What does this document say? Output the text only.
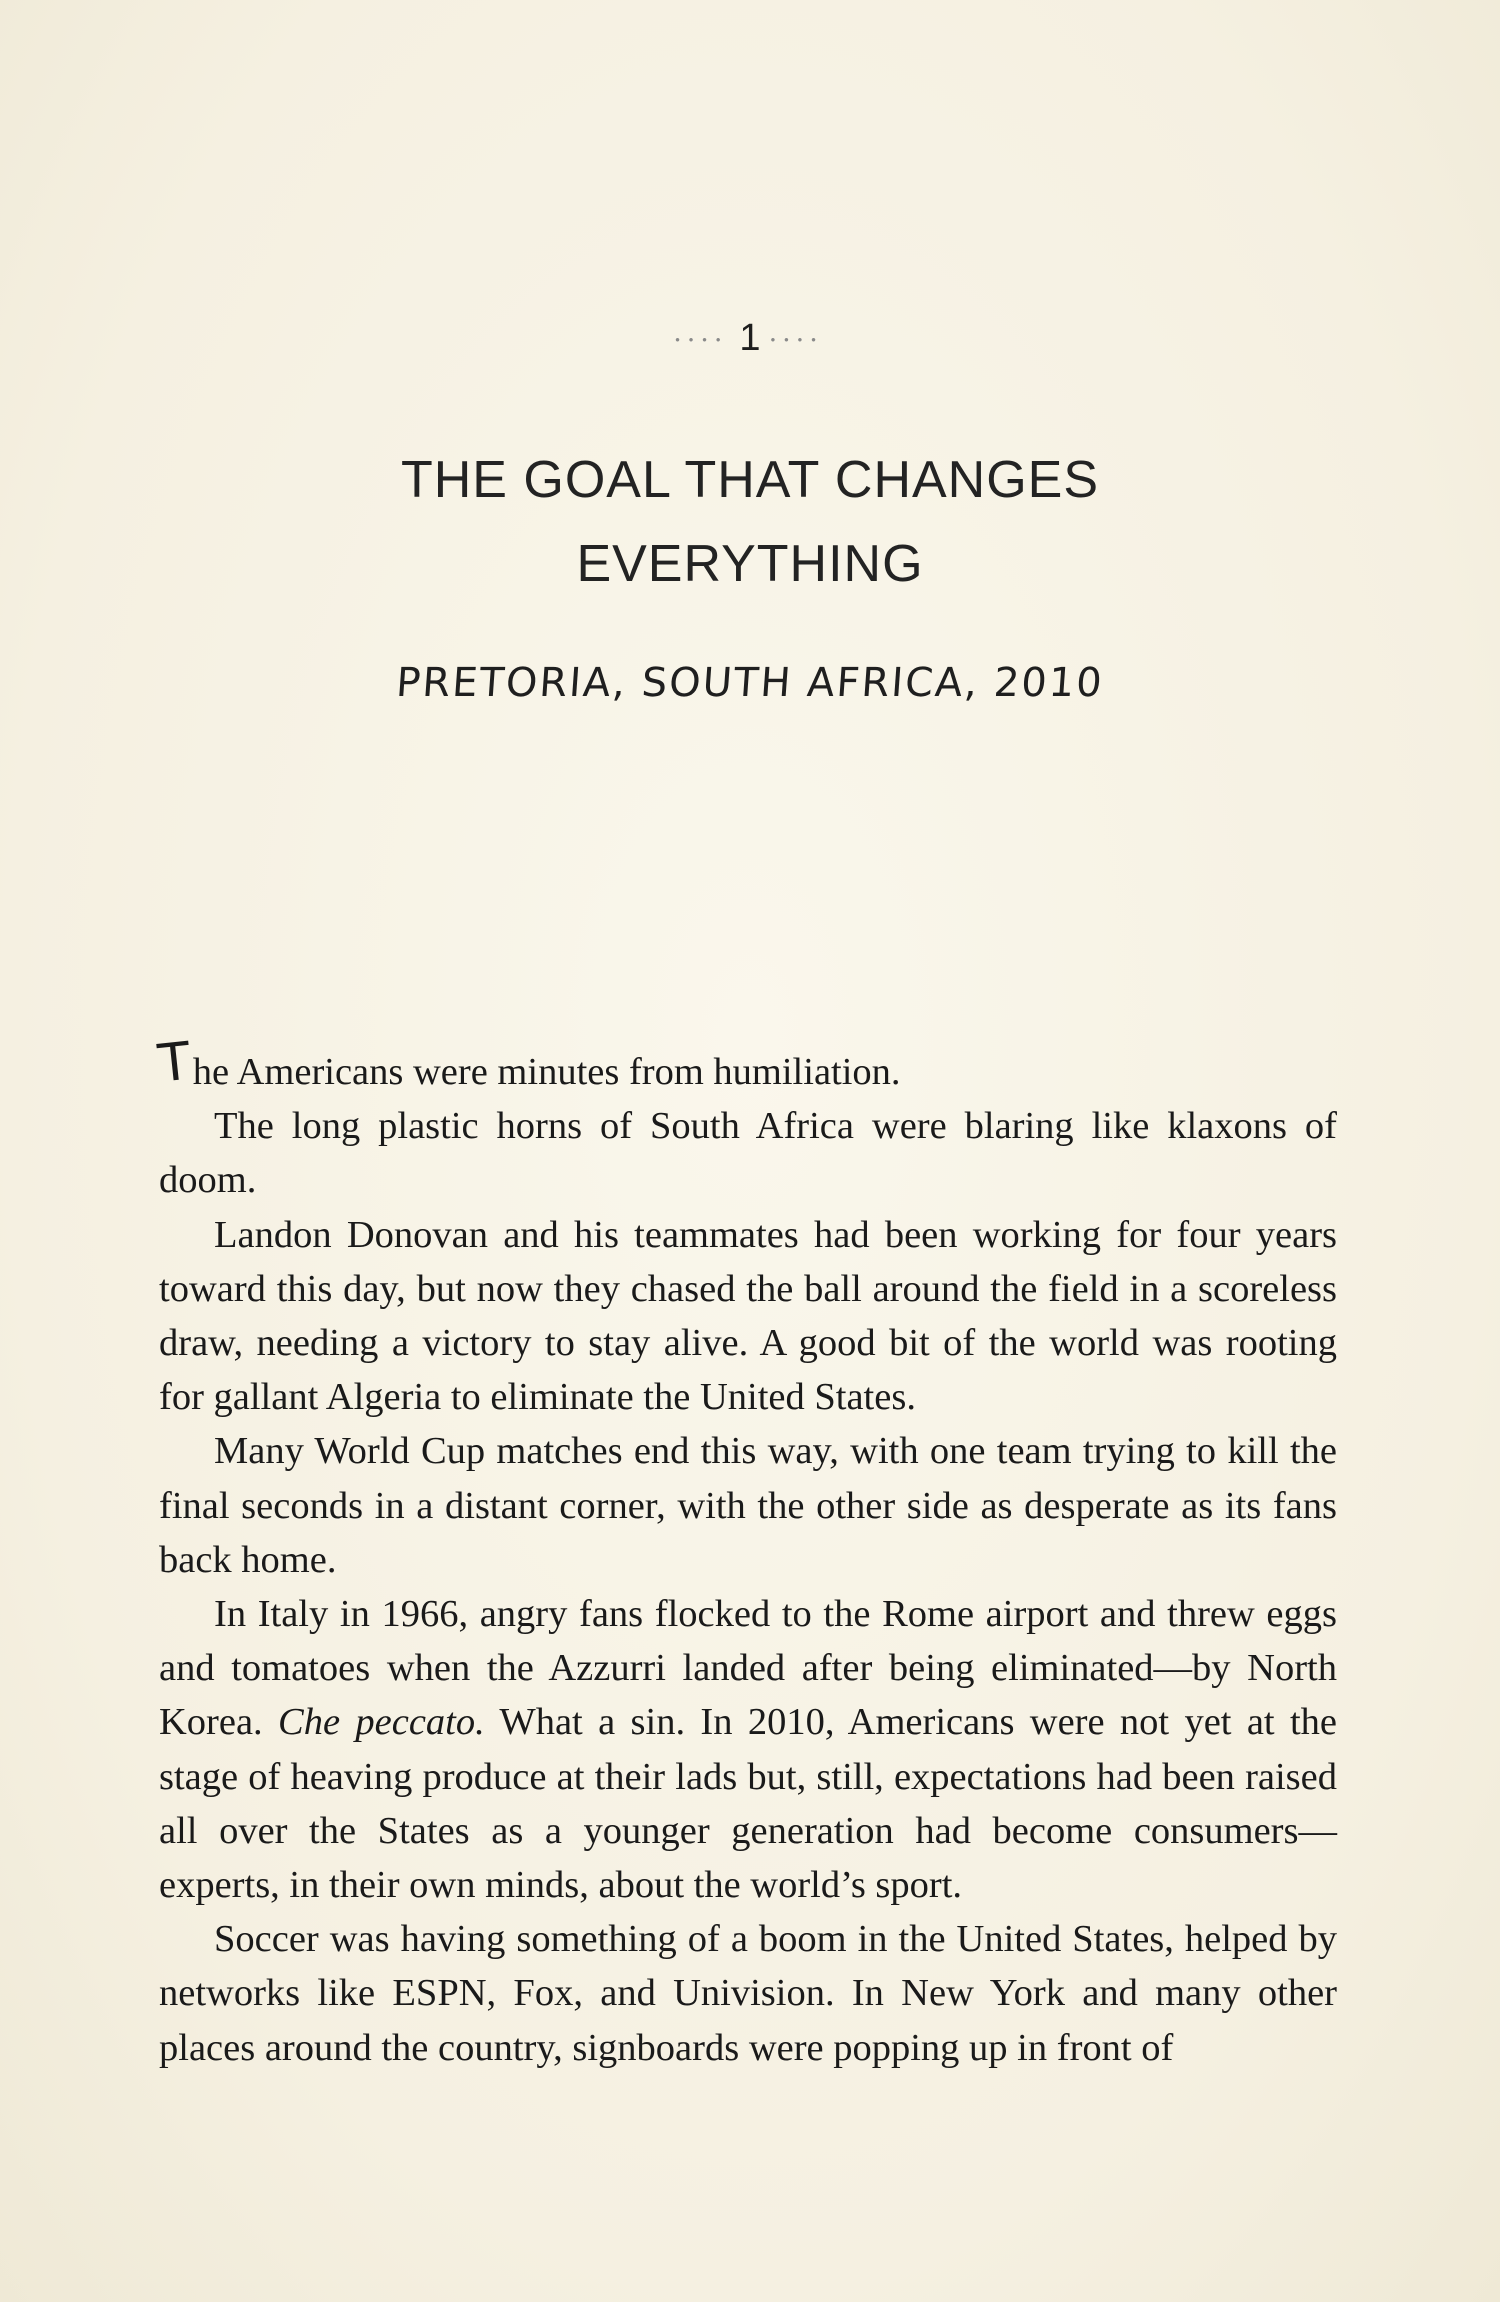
•••• 1 ••••
THE GOAL THAT CHANGES
EVERYTHING
PRETORIA, SOUTH AFRICA, 2010

The Americans were minutes from humiliation.

The long plastic horns of South Africa were blaring like klaxons of doom.

Landon Donovan and his teammates had been working for four years toward this day, but now they chased the ball around the field in a scoreless draw, needing a victory to stay alive. A good bit of the world was rooting for gallant Algeria to eliminate the United States.

Many World Cup matches end this way, with one team trying to kill the final seconds in a distant corner, with the other side as desperate as its fans back home.

In Italy in 1966, angry fans flocked to the Rome airport and threw eggs and tomatoes when the Azzurri landed after being eliminated—by North Korea. Che peccato. What a sin. In 2010, Americans were not yet at the stage of heaving produce at their lads but, still, expectations had been raised all over the States as a younger generation had become consumers—experts, in their own minds, about the world’s sport.

Soccer was having something of a boom in the United States, helped by networks like ESPN, Fox, and Univision. In New York and many other places around the country, signboards were popping up in front of
